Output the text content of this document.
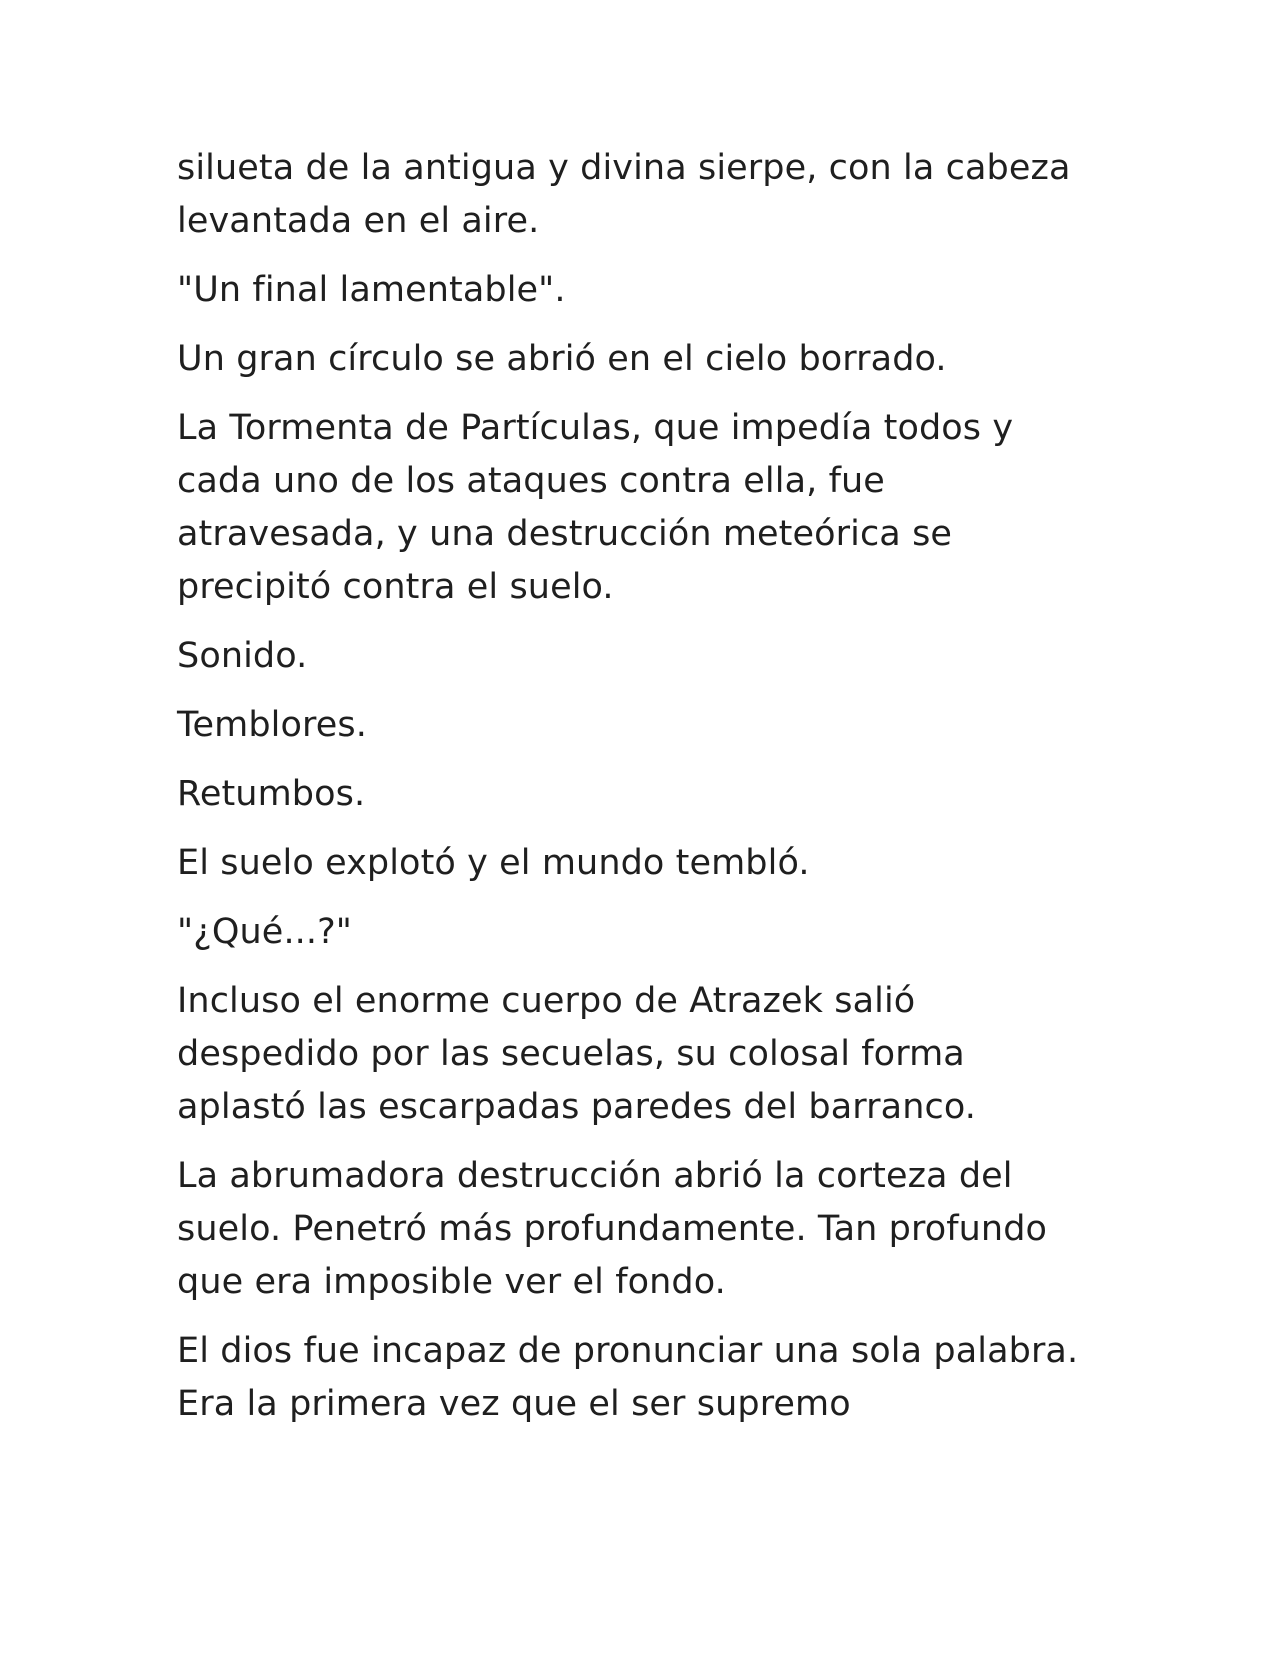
silueta de la antigua y divina sierpe, con la cabeza levantada en el aire.

"Un final lamentable".

Un gran círculo se abrió en el cielo borrado.

La Tormenta de Partículas, que impedía todos y cada uno de los ataques contra ella, fue atravesada, y una destrucción meteórica se precipitó contra el suelo.

Sonido.

Temblores.

Retumbos.

El suelo explotó y el mundo tembló.

"¿Qué...?"

Incluso el enorme cuerpo de Atrazek salió despedido por las secuelas, su colosal forma aplastó las escarpadas paredes del barranco.

La abrumadora destrucción abrió la corteza del suelo. Penetró más profundamente. Tan profundo que era imposible ver el fondo.

El dios fue incapaz de pronunciar una sola palabra. Era la primera vez que el ser supremo
